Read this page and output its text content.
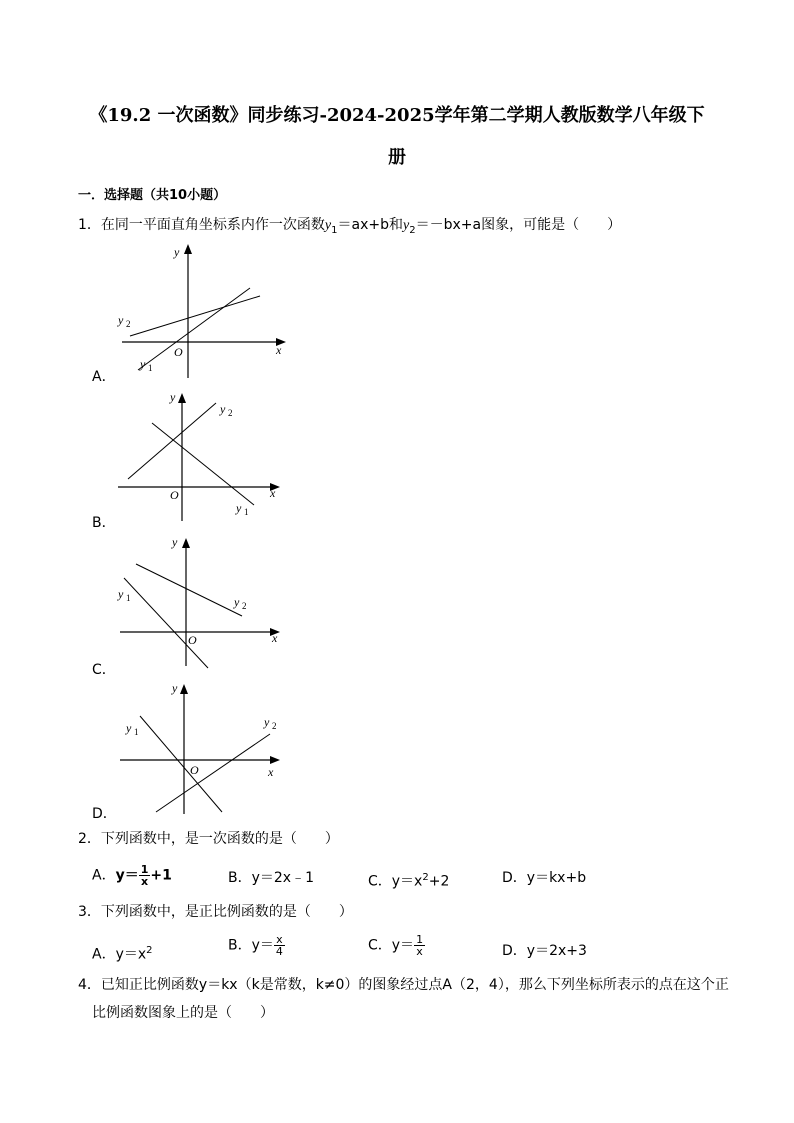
《19.2 一次函数》同步练习-2024-2025学年第二学期人教版数学八年级下
册
一．选择题（共10小题）
1．在同一平面直角坐标系内作一次函数$y_1=ax+b$和$y_2=-bx+a$图象，可能是（　　）
x
y
O
y 2
y 1
A．
x
y
O
y 2
y 1
B．
x
y
O
y 2
y 1
C．
x
y
O
y 2
y 1
D．
2．下列函数中，是一次函数的是（　　）
A．$y= \frac{1}{x} +1$	B．y＝2x﹣1	C．$y=x^2+2$	D．y＝kx+b
3．下列函数中，是正比例函数的是（　　）
A．$y=x^2$	B．$y= \frac{x}{4}$	C．$y= \frac{1}{x}$	D．y＝2x+3
4．已知正比例函数y＝kx（k是常数，k≠0）的图象经过点A（2，4），那么下列坐标所表示的点在这个正
比例函数图象上的是（　　）
